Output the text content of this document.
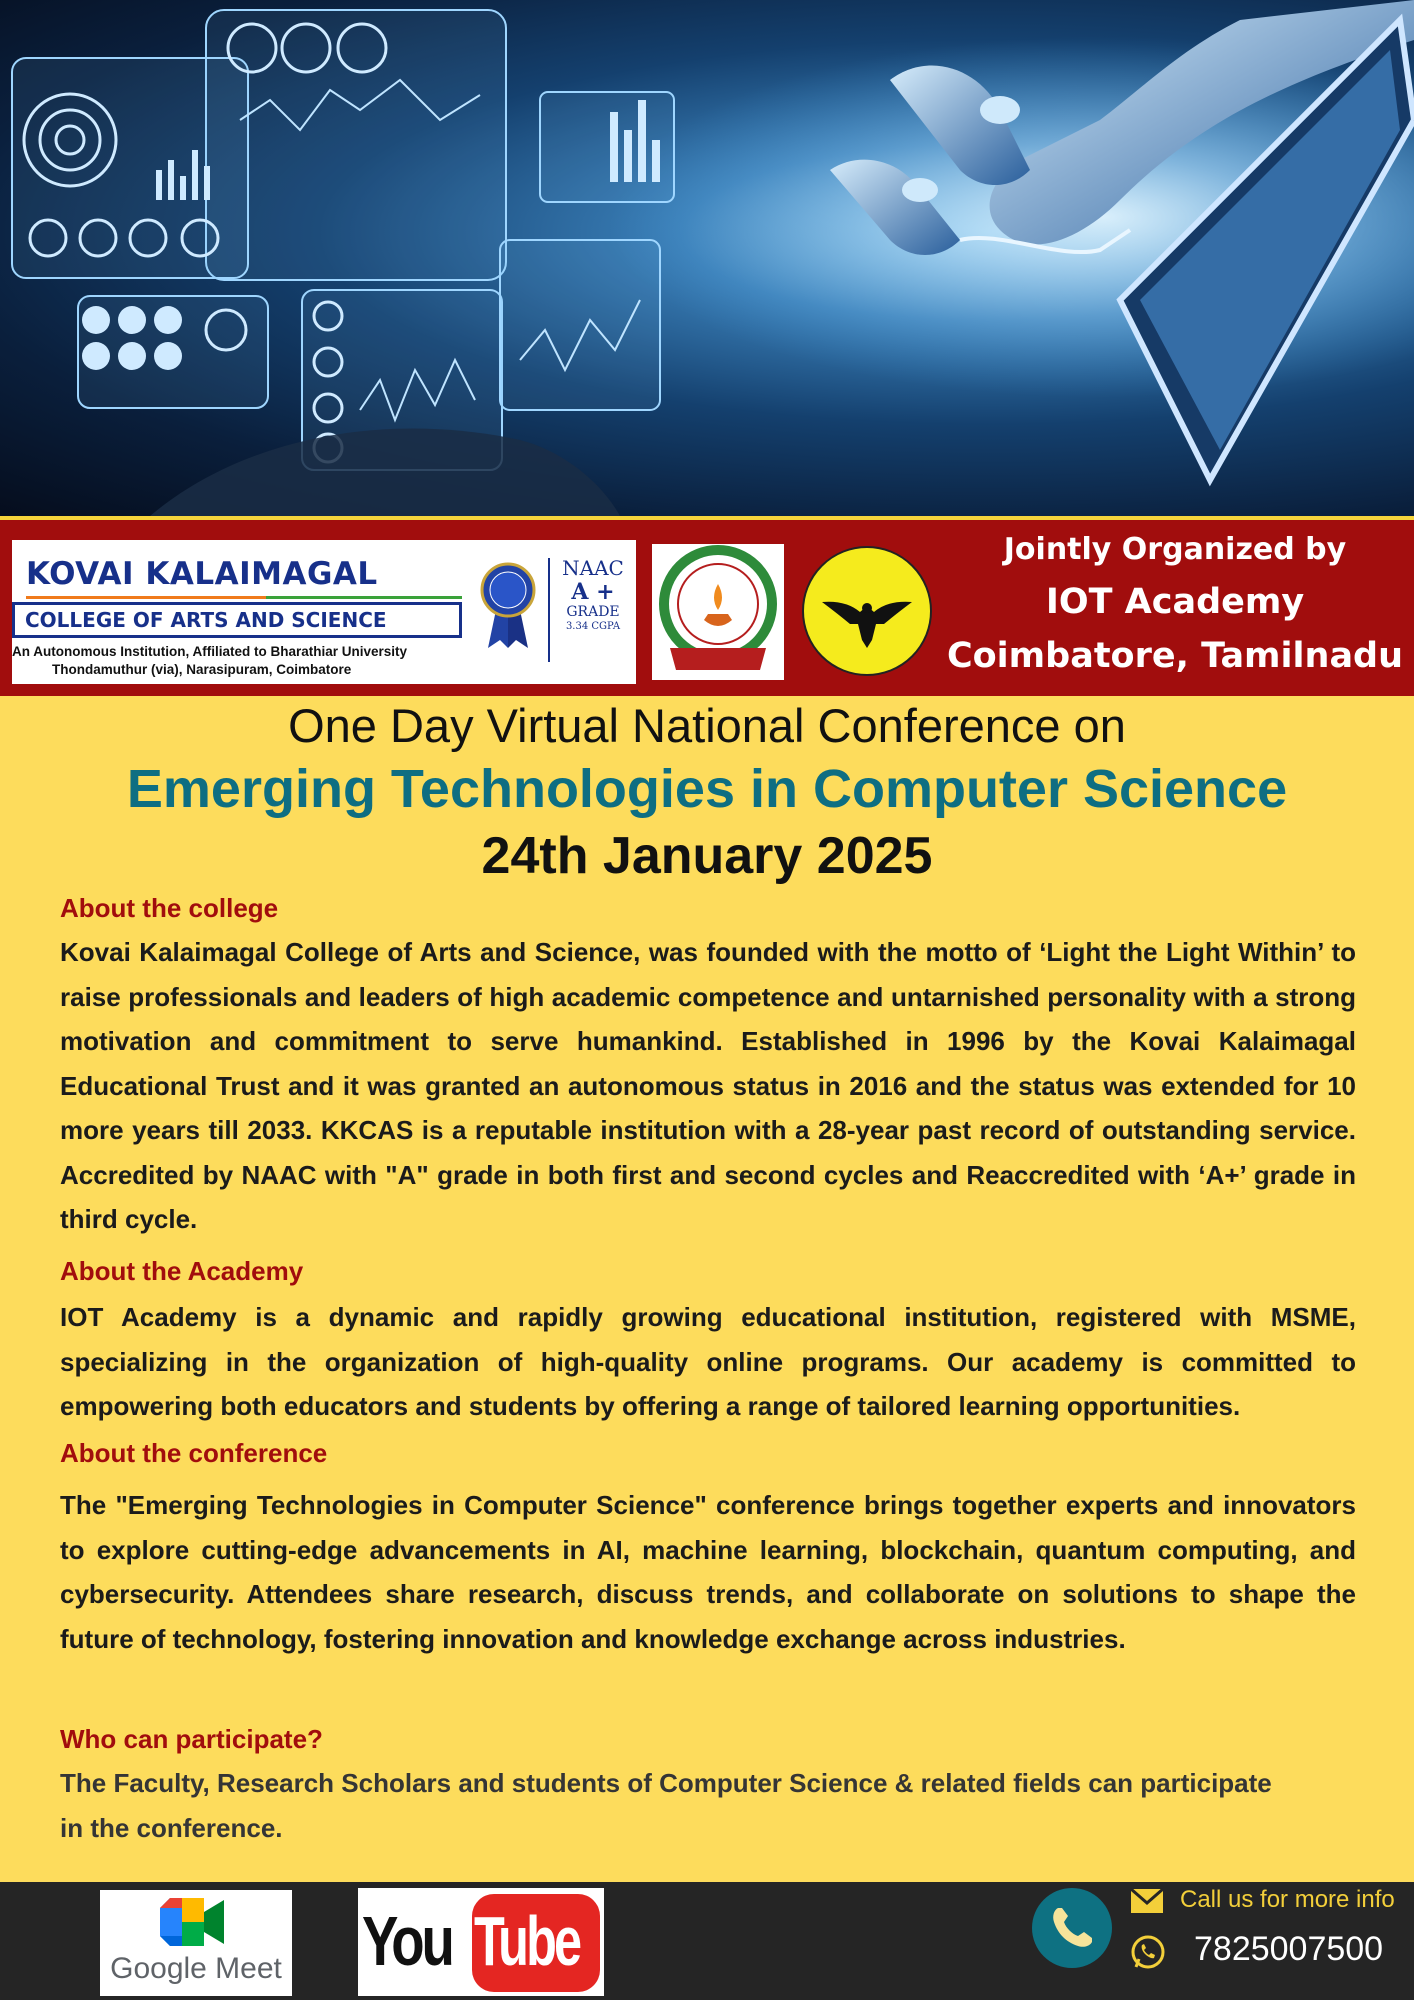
KOVAI KALAIMAGAL
COLLEGE OF ARTS AND SCIENCE
An Autonomous Institution, Affiliated to Bharathiar University
Thondamuthur (via), Narasipuram, Coimbatore
NAAC
A +
GRADE
3.34 CGPA
Jointly Organized by
IOT Academy
Coimbatore, Tamilnadu
One Day Virtual National Conference on
Emerging Technologies in Computer Science
24th January 2025
About the college
Kovai Kalaimagal College of Arts and Science, was founded with the motto of ‘Light the Light Within’ to raise professionals and leaders of high academic competence and untarnished personality with a strong motivation and commitment to serve humankind. Established in 1996 by the Kovai Kalaimagal Educational Trust and it was granted an autonomous status in 2016 and the status was extended for 10 more years till 2033. KKCAS is a reputable institution with a 28-year past record of outstanding service. Accredited by NAAC with "A" grade in both first and second cycles and Reaccredited with ‘A+’ grade in third cycle.
About the Academy
IOT Academy is a dynamic and rapidly growing educational institution, registered with MSME, specializing in the organization of high-quality online programs. Our academy is committed to empowering both educators and students by offering a range of tailored learning opportunities.
About the conference
The "Emerging Technologies in Computer Science" conference brings together experts and innovators to explore cutting-edge advancements in AI, machine learning, blockchain, quantum computing, and cybersecurity. Attendees share research, discuss trends, and collaborate on solutions to shape the future of technology, fostering innovation and knowledge exchange across industries.
Who can participate?
The Faculty, Research Scholars and students of Computer Science & related fields can participate in the conference.
Google Meet You Tube
Call us for more info
7825007500
